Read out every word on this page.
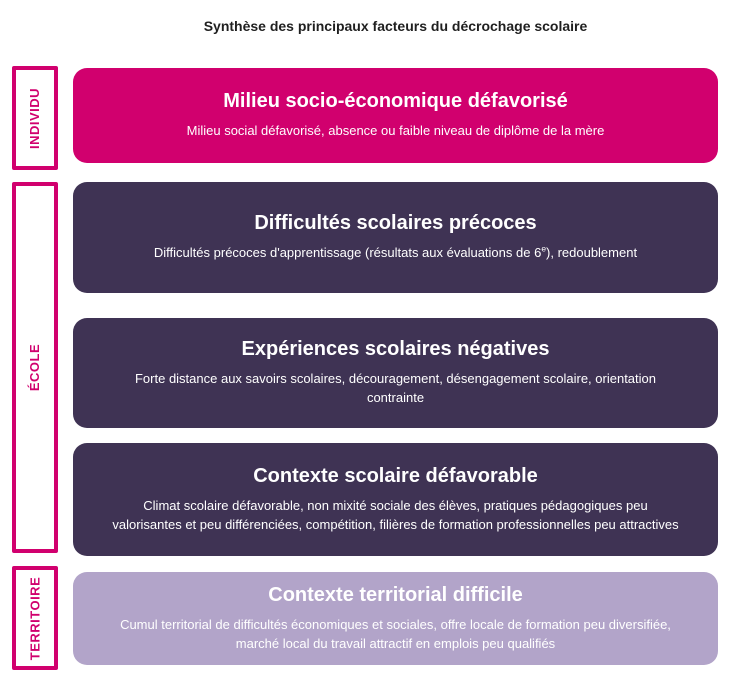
Synthèse des principaux facteurs du décrochage scolaire
INDIVIDU
ÉCOLE
TERRITOIRE
Milieu socio-économique défavorisé
Milieu social défavorisé, absence ou faible niveau de diplôme de la mère
Difficultés scolaires précoces
Difficultés précoces d'apprentissage (résultats aux évaluations de 6e), redoublement
Expériences scolaires négatives
Forte distance aux savoirs scolaires, découragement, désengagement scolaire, orientation contrainte
Contexte scolaire défavorable
Climat scolaire défavorable, non mixité sociale des élèves, pratiques pédagogiques peu valorisantes et peu différenciées, compétition, filières de formation professionnelles peu attractives
Contexte territorial difficile
Cumul territorial de difficultés économiques et sociales, offre locale de formation peu diversifiée, marché local du travail attractif en emplois peu qualifiés
